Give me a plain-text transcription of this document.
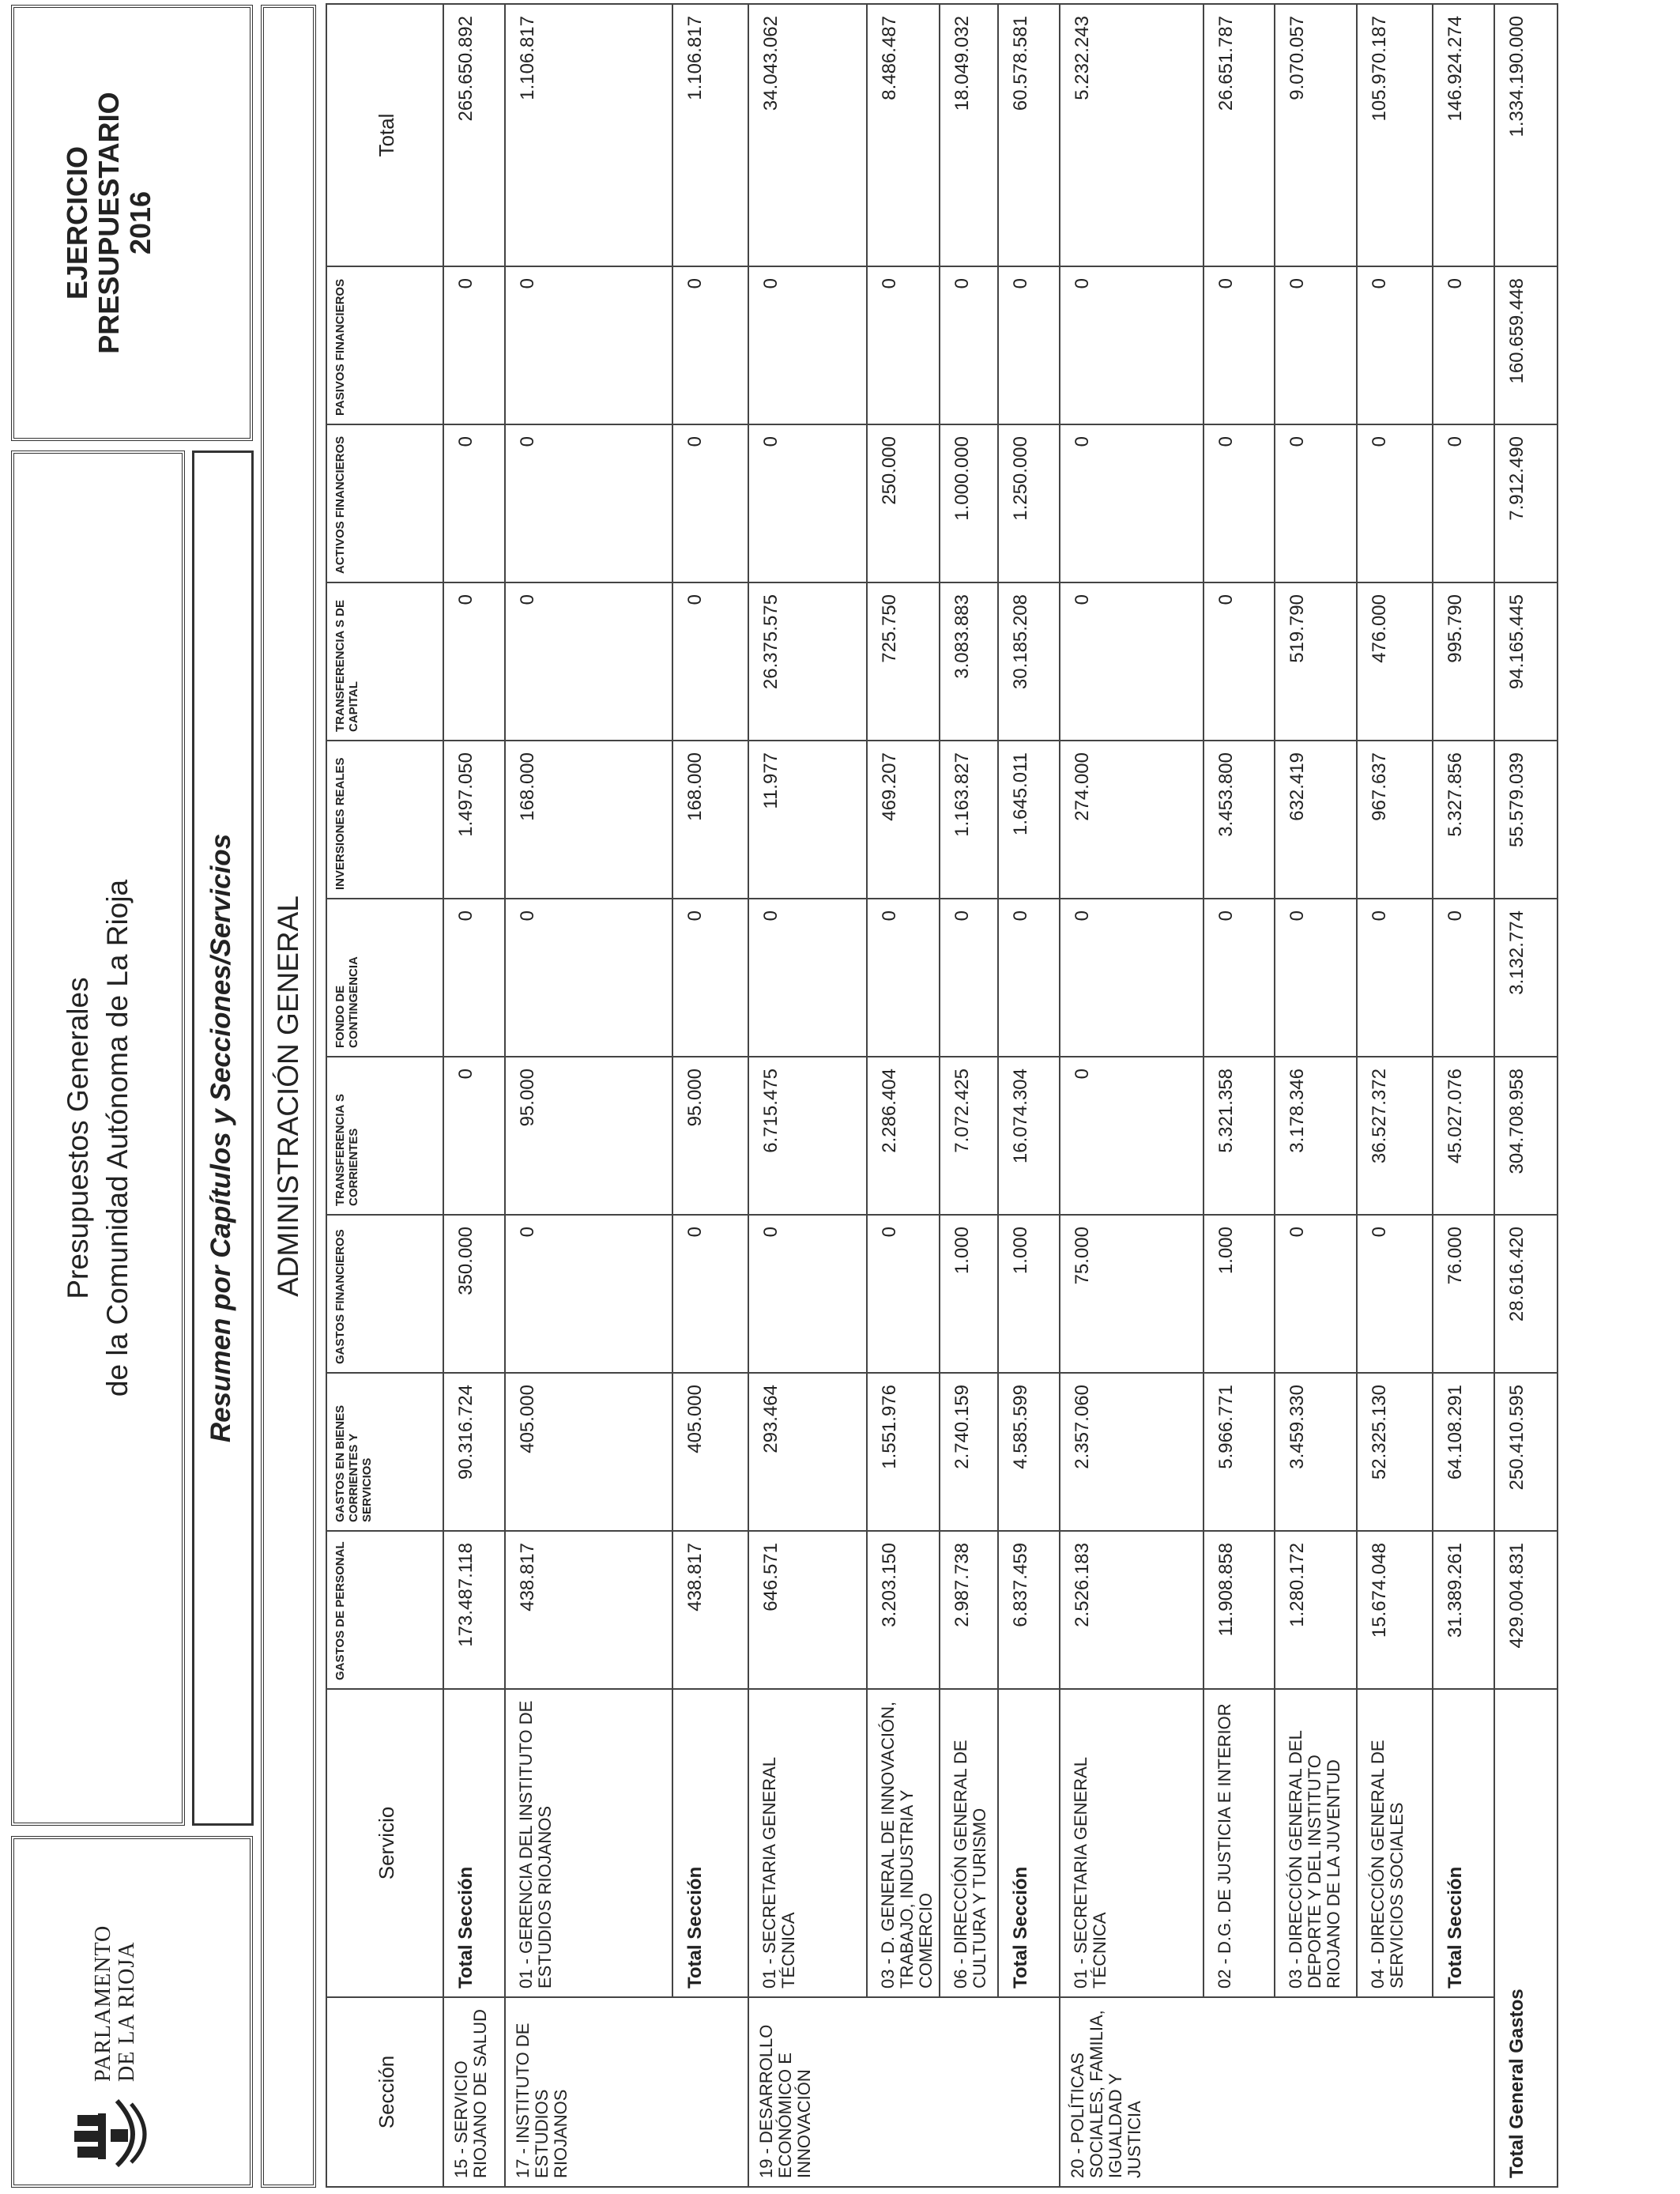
PARLAMENTO DE LA RIOJA
Presupuestos Generales de la Comunidad Autónoma de La Rioja	Resumen por Capítulos y Secciones/Servicios
EJERCICIO PRESUPUESTARIO 2016
ADMINISTRACIÓN GENERAL
Sección	Servicio	GASTOS DE PERSONAL	GASTOS EN BIENES CORRIENTES Y SERVICIOS	GASTOS FINANCIEROS	TRANSFERENCIA S CORRIENTES	FONDO DE CONTINGENCIA	INVERSIONES REALES	TRANSFERENCIA S DE CAPITAL	ACTIVOS FINANCIEROS	PASIVOS FINANCIEROS	Total
15 - SERVICIO RIOJANO DE SALUD	Total Sección	173.487.118	90.316.724	350.000	0	0	1.497.050	0	0	0	265.650.892
17 - INSTITUTO DE ESTUDIOS RIOJANOS	01 - GERENCIA DEL INSTITUTO DE ESTUDIOS RIOJANOS	438.817	405.000	0	95.000	0	168.000	0	0	0	1.106.817
	Total Sección	438.817	405.000	0	95.000	0	168.000	0	0	0	1.106.817
19 - DESARROLLO ECONÓMICO E INNOVACIÓN	01 - SECRETARIA GENERAL TÉCNICA	646.571	293.464	0	6.715.475	0	11.977	26.375.575	0	0	34.043.062
	03 - D. GENERAL DE INNOVACIÓN, TRABAJO, INDUSTRIA Y COMERCIO	3.203.150	1.551.976	0	2.286.404	0	469.207	725.750	250.000	0	8.486.487
	06 - DIRECCIÓN GENERAL DE CULTURA Y TURISMO	2.987.738	2.740.159	1.000	7.072.425	0	1.163.827	3.083.883	1.000.000	0	18.049.032
	Total Sección	6.837.459	4.585.599	1.000	16.074.304	0	1.645.011	30.185.208	1.250.000	0	60.578.581
20 - POLÍTICAS SOCIALES, FAMILIA, IGUALDAD Y JUSTICIA	01 - SECRETARIA GENERAL TÉCNICA	2.526.183	2.357.060	75.000	0	0	274.000	0	0	0	5.232.243
	02 - D.G. DE JUSTICIA E INTERIOR	11.908.858	5.966.771	1.000	5.321.358	0	3.453.800	0	0	0	26.651.787
	03 - DIRECCIÓN GENERAL DEL DEPORTE Y DEL INSTITUTO RIOJANO DE LA JUVENTUD	1.280.172	3.459.330	0	3.178.346	0	632.419	519.790	0	0	9.070.057
	04 - DIRECCIÓN GENERAL DE SERVICIOS SOCIALES	15.674.048	52.325.130	0	36.527.372	0	967.637	476.000	0	0	105.970.187
	Total Sección	31.389.261	64.108.291	76.000	45.027.076	0	5.327.856	995.790	0	0	146.924.274
Total General Gastos		429.004.831	250.410.595	28.616.420	304.708.958	3.132.774	55.579.039	94.165.445	7.912.490	160.659.448	1.334.190.000
